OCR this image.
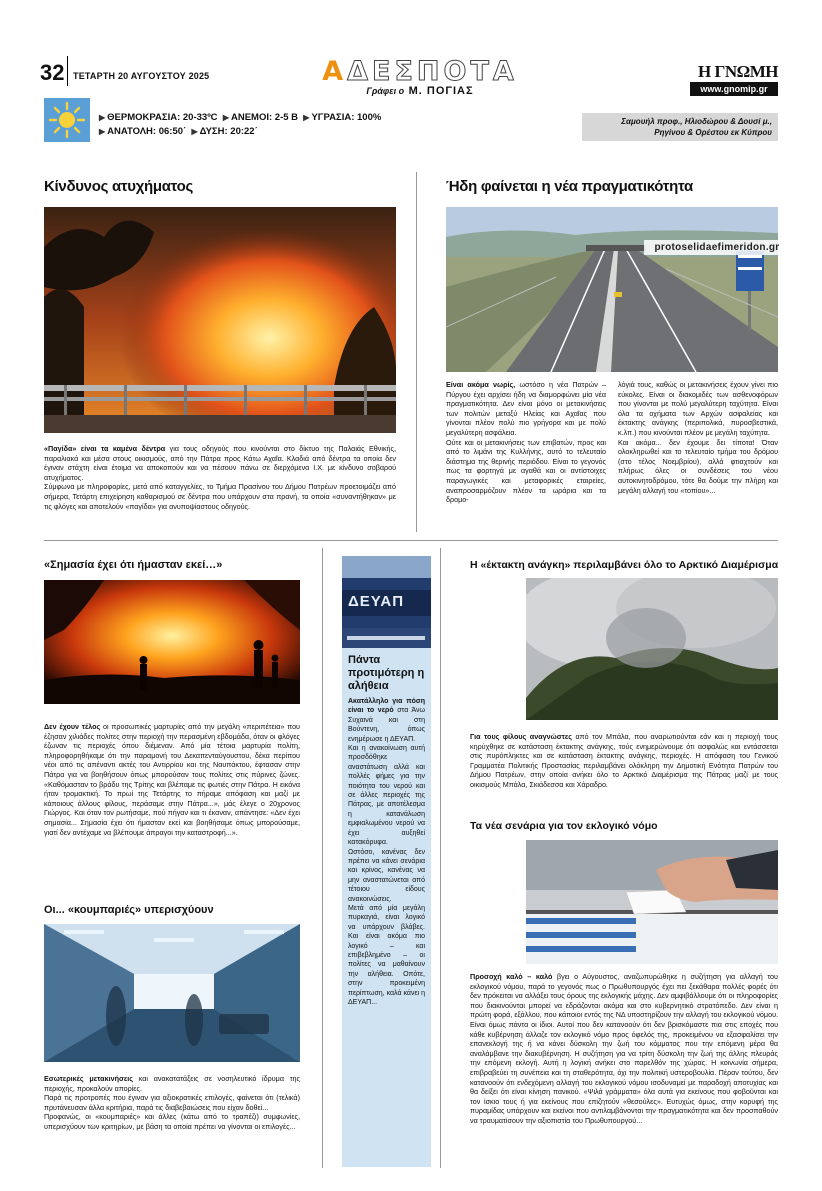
32 ΤΕΤΑΡΤΗ 20 ΑΥΓΟΥΣΤΟΥ 2025	ΑΔΕΣΠΟΤΑ
Γράφει ο Μ. ΠΟΓΙΑΣ
Η ΓΝΩΜΗ
www.gnomip.gr
▶ ΘΕΡΜΟΚΡΑΣΙΑ: 20-33ºC ▶ ΑΝΕΜΟΙ: 2-5 Β ▶ ΥΓΡΑΣΙΑ: 100%
▶ ΑΝΑΤΟΛΗ: 06:50΄ ▶ ΔΥΣΗ: 20:22΄
Σαμουήλ προφ., Ηλιοδώρου & Δουσί μ.,
Ρηγίνου & Ορέστου εκ Κύπρου
Κίνδυνος ατυχήματος

«Παγίδα» είναι τα καμένα δέντρα για τους οδηγούς που κινούνται στο δίκτυο της Παλαιάς Εθνικής, παραλιακά και μέσα στους οικισμούς, από την Πάτρα προς Κάτω Αχαΐα. Κλαδιά από δέντρα τα οποία δεν έγιναν στάχτη είναι έτοιμα να αποκοπούν και να πέσουν πάνω σε διερχόμενα Ι.Χ. με κίνδυνο σοβαρού ατυχήματος.

Σύμφωνα με πληροφορίες, μετά από καταγγελίες, το Τμήμα Πρασίνου του Δήμου Πατρέων προετοιμάζει από σήμερα, Τετάρτη επιχείρηση καθαρισμού σε δέντρα που υπάρχουν στα πρανή, τα οποία «συναντήθηκαν» με τις φλόγες και αποτελούν «παγίδα» για ανυποψίαστους οδηγούς.

Ήδη φαίνεται η νέα πραγματικότητα
protoselidaefimeridon.gr

Είναι ακόμα νωρίς, ωστόσο η νέα Πατρών – Πύργου έχει αρχίσει ήδη να διαμορφώνει μία νέα πραγματικότητα. Δεν είναι μόνο οι μετακινήσεις των πολιτών μεταξύ Ηλείας και Αχαΐας που γίνονται πλέον πολύ πιο γρήγορα και με πολύ μεγαλύτερη ασφάλεια.

Ούτε και οι μετακινήσεις των επιβατών, προς και από το λιμάνι της Κυλλήνης, αυτό το τελευταίο διάστημα της θερινής περιόδου. Είναι το γεγονός πως τα φορτηγά με αγαθά και οι αντίστοιχες παραγωγικές και μεταφορικές εταιρείες, αναπροσαρμόζουν πλέον τα ωράρια και τα δρομο-

λόγιά τους, καθώς οι μετακινήσεις έχουν γίνει πιο εύκολες. Είναι οι διακομιδές των ασθενοφόρων που γίνονται με πολύ μεγαλύτερη ταχύτητα. Είναι όλα τα οχήματα των Αρχών ασφαλείας και έκτακτης ανάγκης (περιπολικά, πυροσβεστικά, κ.λπ.) που κινούνται πλέον με μεγάλη ταχύτητα.

Και ακόμα... δεν έχουμε δει τίποτα! Όταν ολοκληρωθεί και το τελευταίο τμήμα του δρόμου (στο τέλος Νοεμβρίου), αλλά φτιαχτούν και πλήρως όλες οι συνδέσεις του νέου αυτοκινητοδρόμου, τότε θα δούμε την πλήρη και μεγάλη αλλαγή του «τοπίου»...

«Σημασία έχει ότι ήμασταν εκεί…»

Δεν έχουν τέλος οι προσωπικές μαρτυρίες από την μεγάλη «περιπέτεια» που έζησαν χιλιάδες πολίτες στην περιοχή την περασμένη εβδομάδα, όταν οι φλόγες έζωναν τις περιοχές όπου διέμεναν. Από μία τέτοια μαρτυρία πολίτη, πληροφορηθήκαμε ότι την παραμονή του Δεκαπενταύγουστου, δέκα περίπου νέοι από τις απέναντι ακτές του Αντιρρίου και της Ναυπάκτου, έφτασαν στην Πάτρα για να βοηθήσουν όπως μπορούσαν τους πολίτες στις πύρινες ζώνες. «Καθόμασταν το βράδυ της Τρίτης και βλέπαμε τις φωτιές στην Πάτρα. Η εικόνα ήταν τρομακτική. Το πρωί της Τετάρτης το πήραμε απόφαση και μαζί με κάποιους άλλους φίλους, περάσαμε στην Πάτρα...», μάς έλεγε ο 20χρονος Γιώργος. Και όταν τον ρωτήσαμε, πού πήγαν και τι έκαναν, απάντησε: «Δεν έχει σημασία... Σημασία έχει ότι ήμασταν εκεί και βοηθήσαμε όπως μπορούσαμε, γιατί δεν αντέχαμε να βλέπουμε άπραγοι την καταστροφή...».

Οι... «κουμπαριές» υπερισχύουν

Εσωτερικές μετακινήσεις και ανακατατάξεις σε νοσηλευτικό ίδρυμα της περιοχής, προκαλούν απορίες.

Παρά τις προτροπές που έγιναν για αξιοκρατικές επιλογές, φαίνεται ότι (τελικά) πρυτάνευσαν άλλα κριτήρια, παρά τις διαβεβαιώσεις που είχαν δοθεί...

Προφανώς, οι «κουμπαριές» και άλλες (κάτω από το τραπέζι) συμφωνίες, υπερισχύουν των κριτηρίων, με βάση τα οποία πρέπει να γίνονται οι επιλογές...

ΔΕΥΑΠ
Πάντα προτιμότερη η αλήθεια

Ακατάλληλο για πόση είναι το νερό στα Άνω Συχαινά και στη Βούντενη, όπως ενημέρωσε η ΔΕΥΑΠ.

Και η ανακοίνωση αυτή προσδόθηκε αναστάτωση αλλά και πολλές φήμες για την ποιότητα του νερού και σε άλλες περιοχές της Πάτρας, με αποτέλεσμα η κατανάλωση εμφιαλωμένου νερού να έχει αυξηθεί κατακόρυφα.

Ωστόσο, κανένας δεν πρέπει να κάνει σενάρια και κρίνος, κανένας να μην αναστατώνεται από τέτοιου είδους ανακοινώσεις.

Μετά από μία μεγάλη πυρκαγιά, είναι λογικό να υπάρχουν βλάβες. Και είναι ακόμα πιο λογικό – και επιβεβλημένο – οι πολίτες να μαθαίνουν την αλήθεια. Οπότε, στην προκειμένη περίπτωση, καλά κάνει η ΔΕΥΑΠ...

Η «έκτακτη ανάγκη» περιλαμβάνει όλο το Αρκτικό Διαμέρισμα

Για τους φίλους αναγνώστες από τον Μπάλα, που αναρωτιούνται εάν και η περιοχή τους κηρύχθηκε σε κατάσταση έκτακτης ανάγκης, τούς ενημερώνουμε ότι ασφαλώς και εντάσσεται στις πυρόπληκτες και σε κατάσταση έκτακτης ανάγκης, περιοχές. Η απόφαση του Γενικού Γραμματέα Πολιτικής Προστασίας περιλαμβάνει ολόκληρη την Δημοτική Ενότητα Πατρών του Δήμου Πατρέων, στην οποία ανήκει όλο το Αρκτικό Διαμέρισμα της Πάτρας μαζί με τους οικισμούς Μπάλα, Σκιάδεσσα και Χάραδρο.

Τα νέα σενάρια για τον εκλογικό νόμο

Προσοχή καλό – καλό βγει ο Αύγουστος, αναζωπυρώθηκε η συζήτηση για αλλαγή του εκλογικού νόμου, παρά το γεγονός πως ο Πρωθυπουργός έχει πει ξεκάθαρα πολλές φορές ότι δεν πρόκειται να αλλάξει τους όρους της εκλογικής μάχης. Δεν αμφιβάλλουμε ότι οι πληροφορίες που διακινούνται μπορεί να εδράζονται ακόμα και στο κυβερνητικό στρατόπεδο. Δεν είναι η πρώτη φορά, εξάλλου, που κάποιοι εντός της ΝΔ υποστηρίζουν την αλλαγή του εκλογικού νόμου. Είναι όμως πάντα οι ίδιοι. Αυτοί που δεν κατανοούν ότι δεν βρισκόμαστε πια στις εποχές που κάθε κυβέρνηση άλλαζε τον εκλογικό νόμο προς όφελός της, προκειμένου να εξασφαλίσει την επανεκλογή της ή να κάνει δύσκολη την ζωή του κόμματος που την επόμενη μέρα θα αναλάμβανε την διακυβέρνηση. Η συζήτηση για να τρίτη δύσκολη την ζωή της άλλης πλευράς την επόμενη εκλογή. Αυτή η λογική ανήκει στο παρελθόν της χώρας. Η κοινωνία σήμερα, επιβραβεύει τη συνέπεια και τη σταθερότητα, όχι την πολιτική υστεροβουλία. Πέραν τούτου, δεν κατανοούν ότι ενδεχόμενη αλλαγή του εκλογικού νόμου ισοδυναμεί με παραδοχή αποτυχίας και θα δείξει ότι είναι κίνηση πανικού. «Ψιλά γράμματα» όλα αυτά για εκείνους που φοβούνται και τον ίσκιο τους ή για εκείνους που επιζητούν «θεσούλες». Ευτυχώς όμως, στην κορυφή της πυραμίδας υπάρχουν και εκείνοι που αντιλαμβάνονται την πραγματικότητα και δεν προσπαθούν να τραυματίσουν την αξιοπιστία του Πρωθυπουργού...
